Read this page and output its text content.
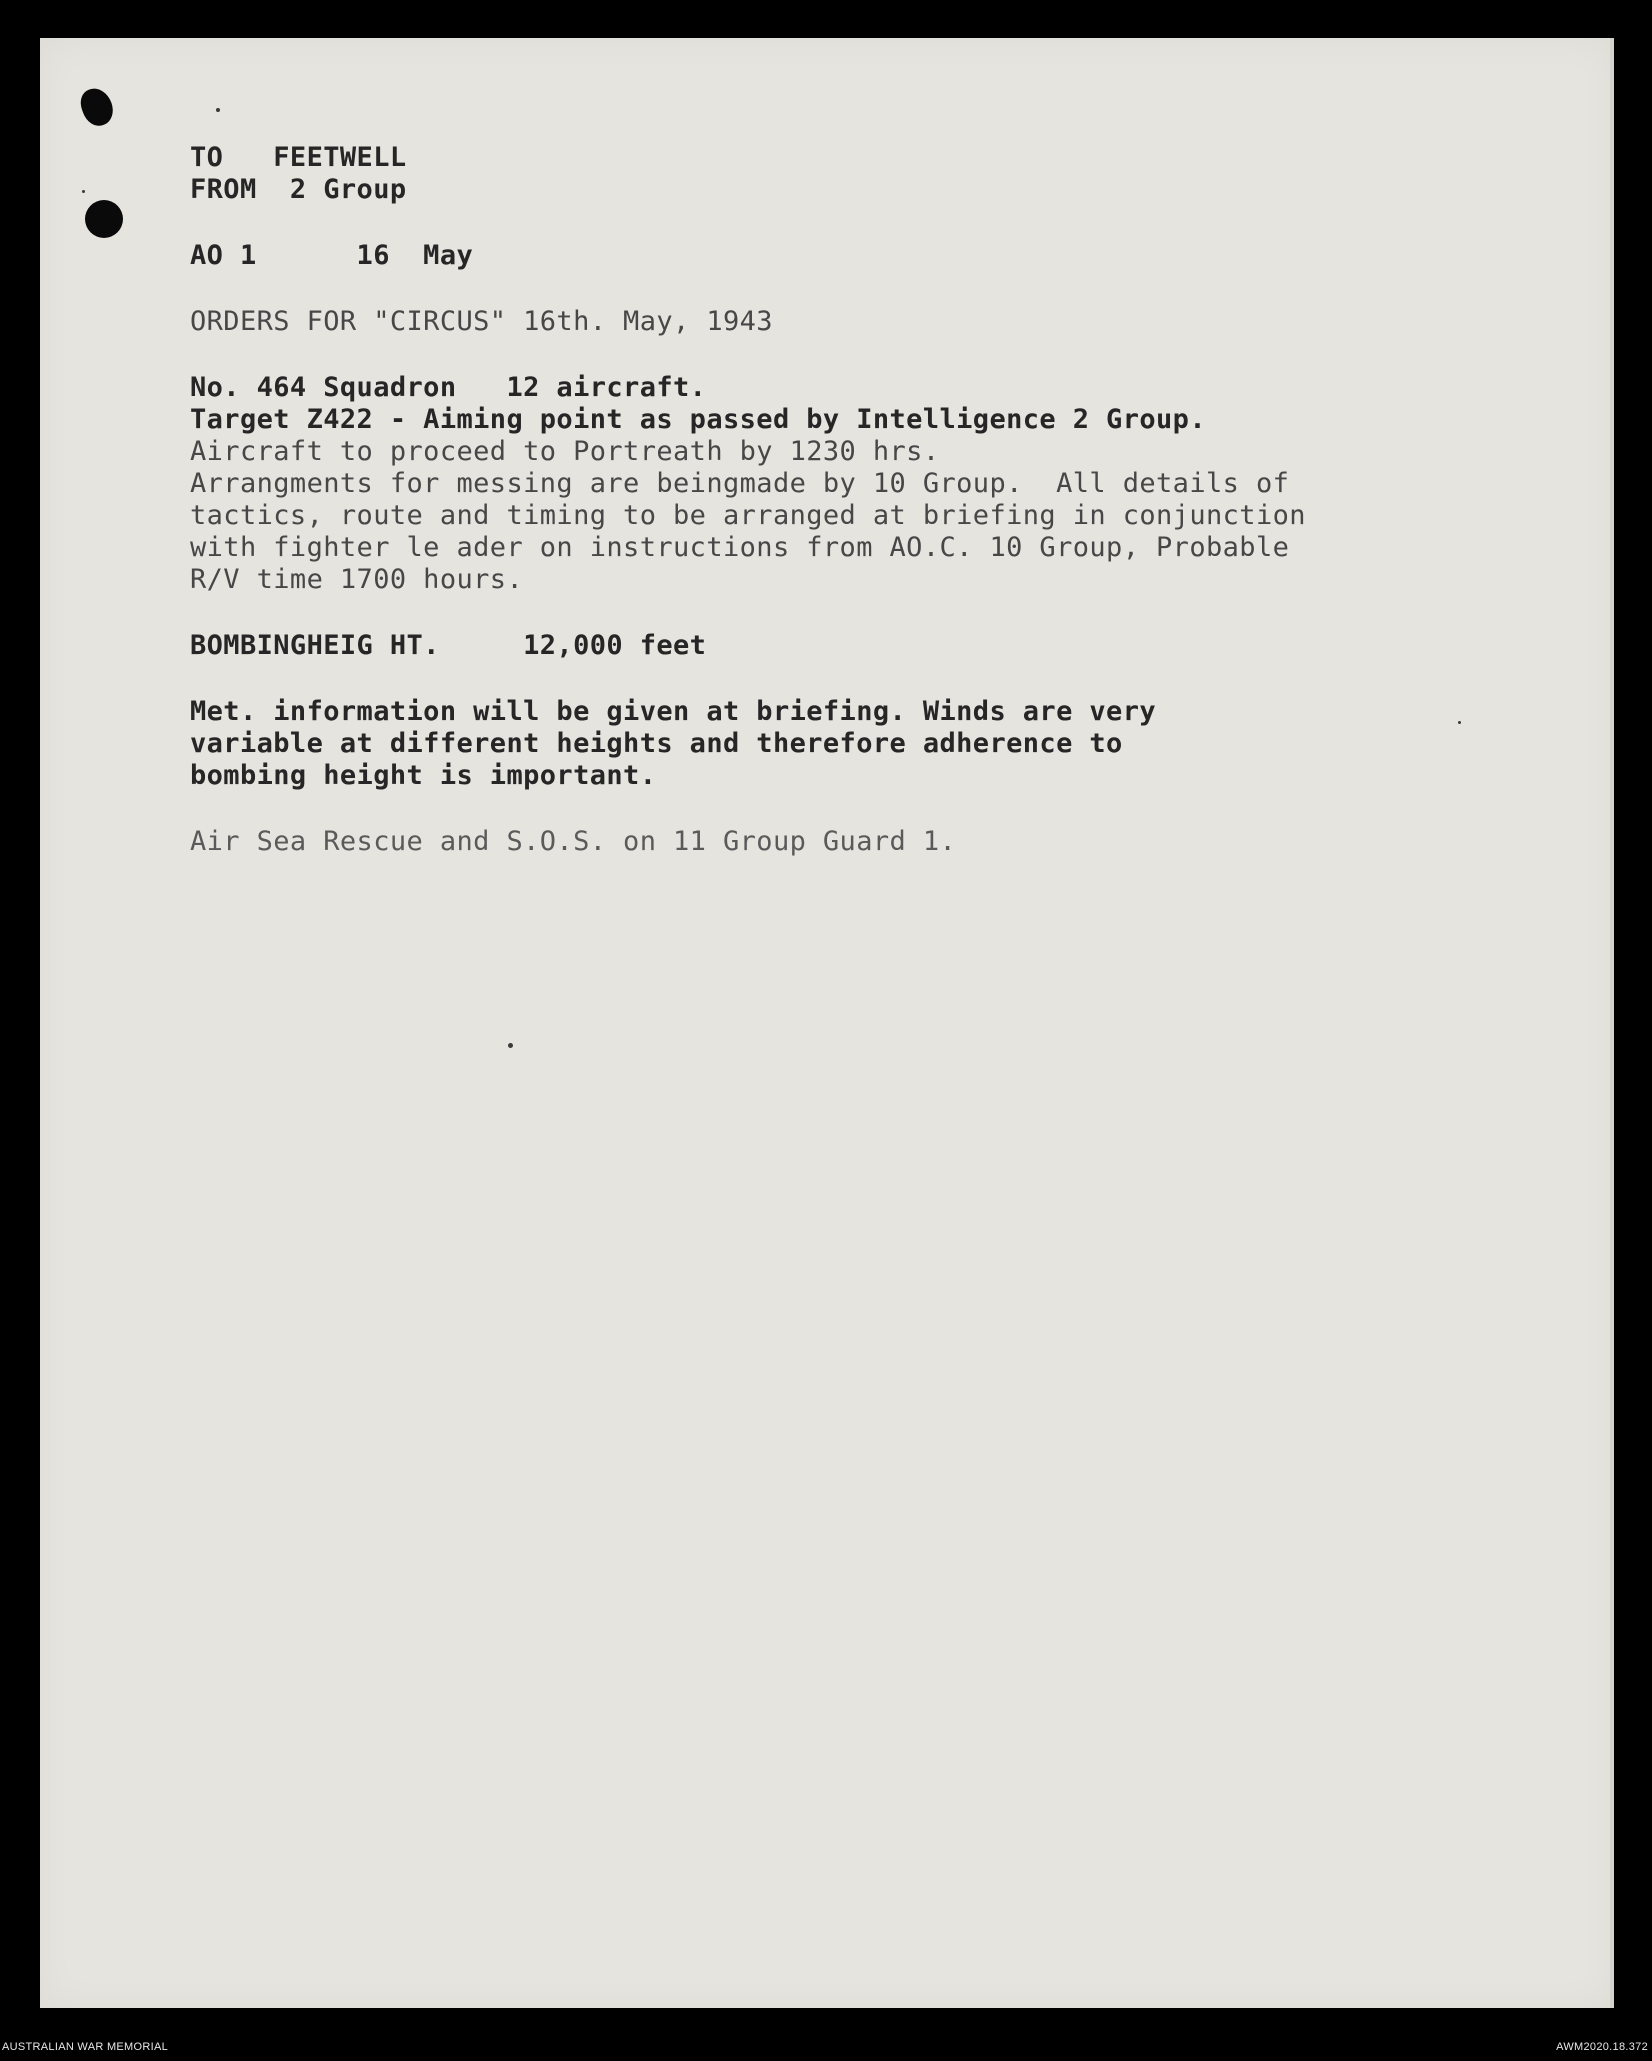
TO   FEETWELL
FROM  2 Group
AO 1      16  May
ORDERS FOR "CIRCUS" 16th. May, 1943
No. 464 Squadron   12 aircraft.
Target Z422 - Aiming point as passed by Intelligence 2 Group.
Aircraft to proceed to Portreath by 1230 hrs.
Arrangments for messing are beingmade by 10 Group.  All details of
tactics, route and timing to be arranged at briefing in conjunction
with fighter le ader on instructions from AO.C. 10 Group, Probable
R/V time 1700 hours.
BOMBINGHEIG HT.     12,000 feet
Met. information will be given at briefing. Winds are very
variable at different heights and therefore adherence to
bombing height is important.
Air Sea Rescue and S.O.S. on 11 Group Guard 1.
AUSTRALIAN WAR MEMORIAL	AWM2020.18.372
